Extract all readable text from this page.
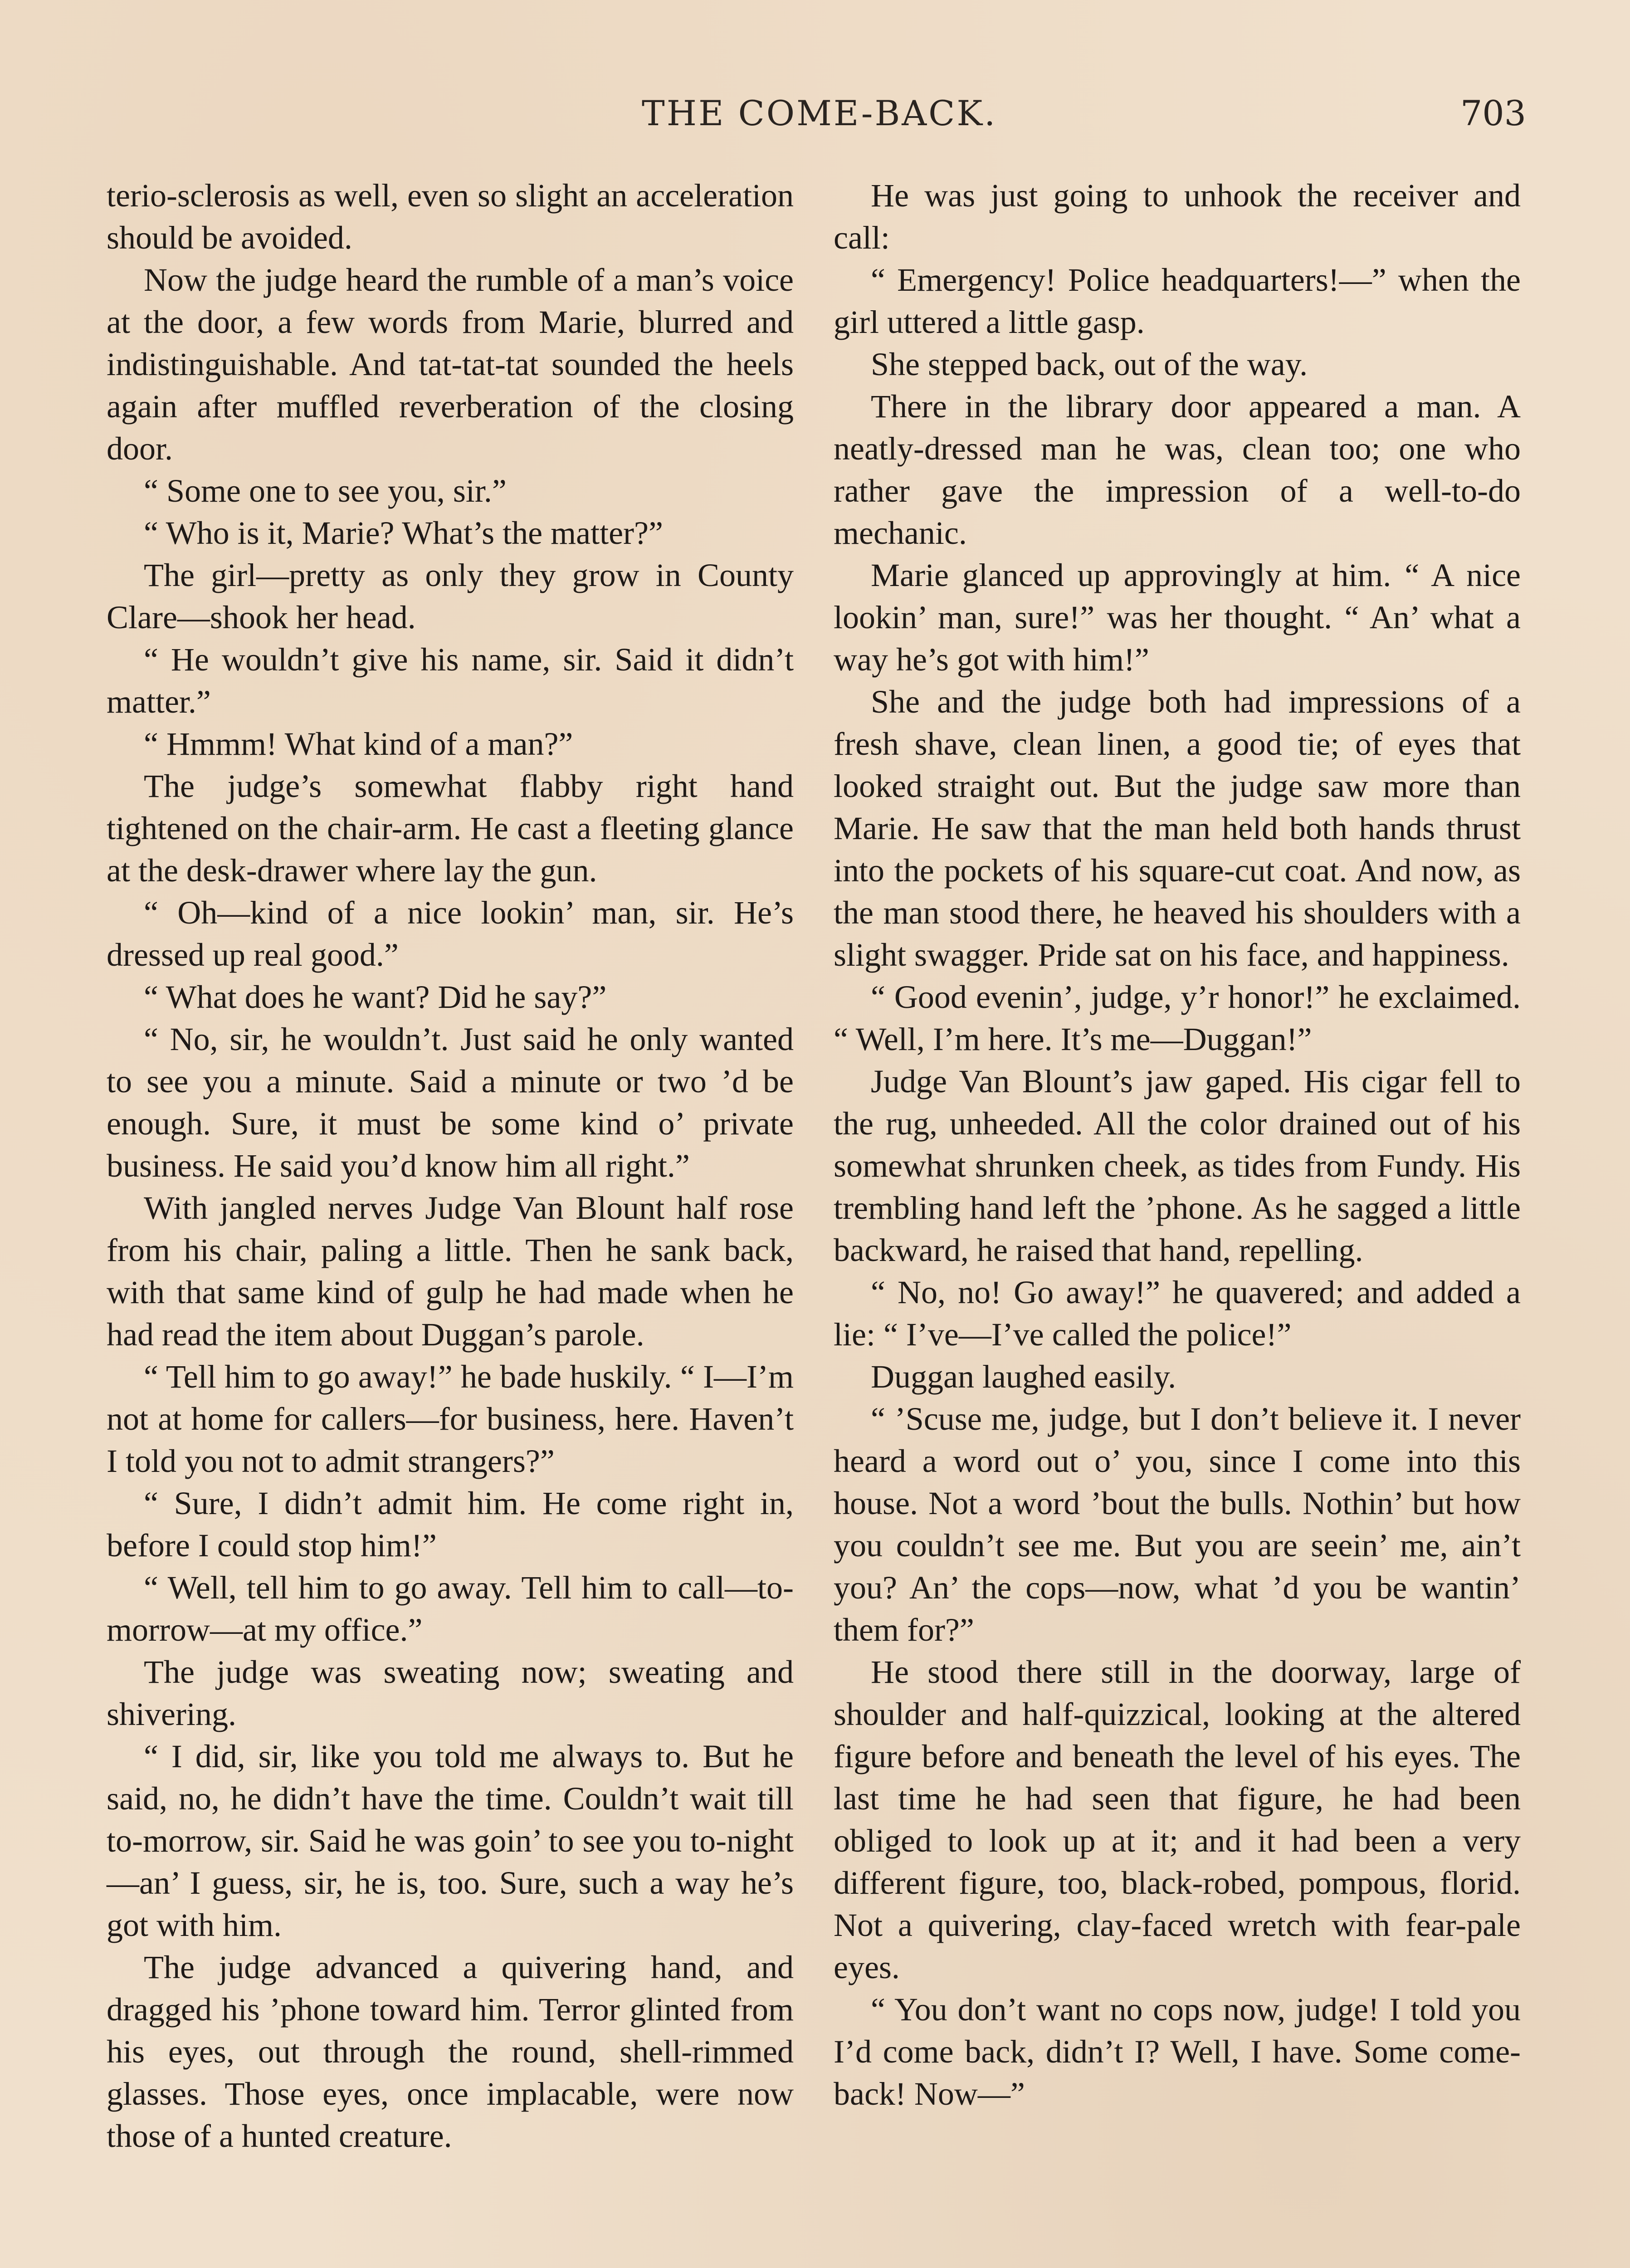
THE COME-BACK.	703

terio-sclerosis as well, even so slight an acceleration should be avoided.

Now the judge heard the rumble of a man’s voice at the door, a few words from Marie, blurred and indistinguishable. And tat-tat-tat sounded the heels again after muffled reverberation of the closing door.

“ Some one to see you, sir.”

“ Who is it, Marie? What’s the matter?”

The girl—pretty as only they grow in County Clare—shook her head.

“ He wouldn’t give his name, sir. Said it didn’t matter.”

“ Hmmm! What kind of a man?”

The judge’s somewhat flabby right hand tightened on the chair-arm. He cast a fleeting glance at the desk-drawer where lay the gun.

“ Oh—kind of a nice lookin’ man, sir. He’s dressed up real good.”

“ What does he want? Did he say?”

“ No, sir, he wouldn’t. Just said he only wanted to see you a minute. Said a minute or two ’d be enough. Sure, it must be some kind o’ private business. He said you’d know him all right.”

With jangled nerves Judge Van Blount half rose from his chair, paling a little. Then he sank back, with that same kind of gulp he had made when he had read the item about Duggan’s parole.

“ Tell him to go away!” he bade huskily. “ I—I’m not at home for callers—for business, here. Haven’t I told you not to admit strangers?”

“ Sure, I didn’t admit him. He come right in, before I could stop him!”

“ Well, tell him to go away. Tell him to call—to-morrow—at my office.”

The judge was sweating now; sweating and shivering.

“ I did, sir, like you told me always to. But he said, no, he didn’t have the time. Couldn’t wait till to-morrow, sir. Said he was goin’ to see you to-night—an’ I guess, sir, he is, too. Sure, such a way he’s got with him.

The judge advanced a quivering hand, and dragged his ’phone toward him. Terror glinted from his eyes, out through the round, shell-rimmed glasses. Those eyes, once implacable, were now those of a hunted creature.

He was just going to unhook the receiver and call:

“ Emergency! Police headquarters!—” when the girl uttered a little gasp.

She stepped back, out of the way.

There in the library door appeared a man. A neatly-dressed man he was, clean too; one who rather gave the impression of a well-to-do mechanic.

Marie glanced up approvingly at him. “ A nice lookin’ man, sure!” was her thought. “ An’ what a way he’s got with him!”

She and the judge both had impressions of a fresh shave, clean linen, a good tie; of eyes that looked straight out. But the judge saw more than Marie. He saw that the man held both hands thrust into the pockets of his square-cut coat. And now, as the man stood there, he heaved his shoulders with a slight swagger. Pride sat on his face, and happiness.

“ Good evenin’, judge, y’r honor!” he exclaimed. “ Well, I’m here. It’s me—Duggan!”

Judge Van Blount’s jaw gaped. His cigar fell to the rug, unheeded. All the color drained out of his somewhat shrunken cheek, as tides from Fundy. His trembling hand left the ’phone. As he sagged a little backward, he raised that hand, repelling.

“ No, no! Go away!” he quavered; and added a lie: “ I’ve—I’ve called the police!”

Duggan laughed easily.

“ ’Scuse me, judge, but I don’t believe it. I never heard a word out o’ you, since I come into this house. Not a word ’bout the bulls. Nothin’ but how you couldn’t see me. But you are seein’ me, ain’t you? An’ the cops—now, what ’d you be wantin’ them for?”

He stood there still in the doorway, large of shoulder and half-quizzical, looking at the altered figure before and beneath the level of his eyes. The last time he had seen that figure, he had been obliged to look up at it; and it had been a very different figure, too, black-robed, pompous, florid. Not a quivering, clay-faced wretch with fear-pale eyes.

“ You don’t want no cops now, judge! I told you I’d come back, didn’t I? Well, I have. Some come-back! Now—”
